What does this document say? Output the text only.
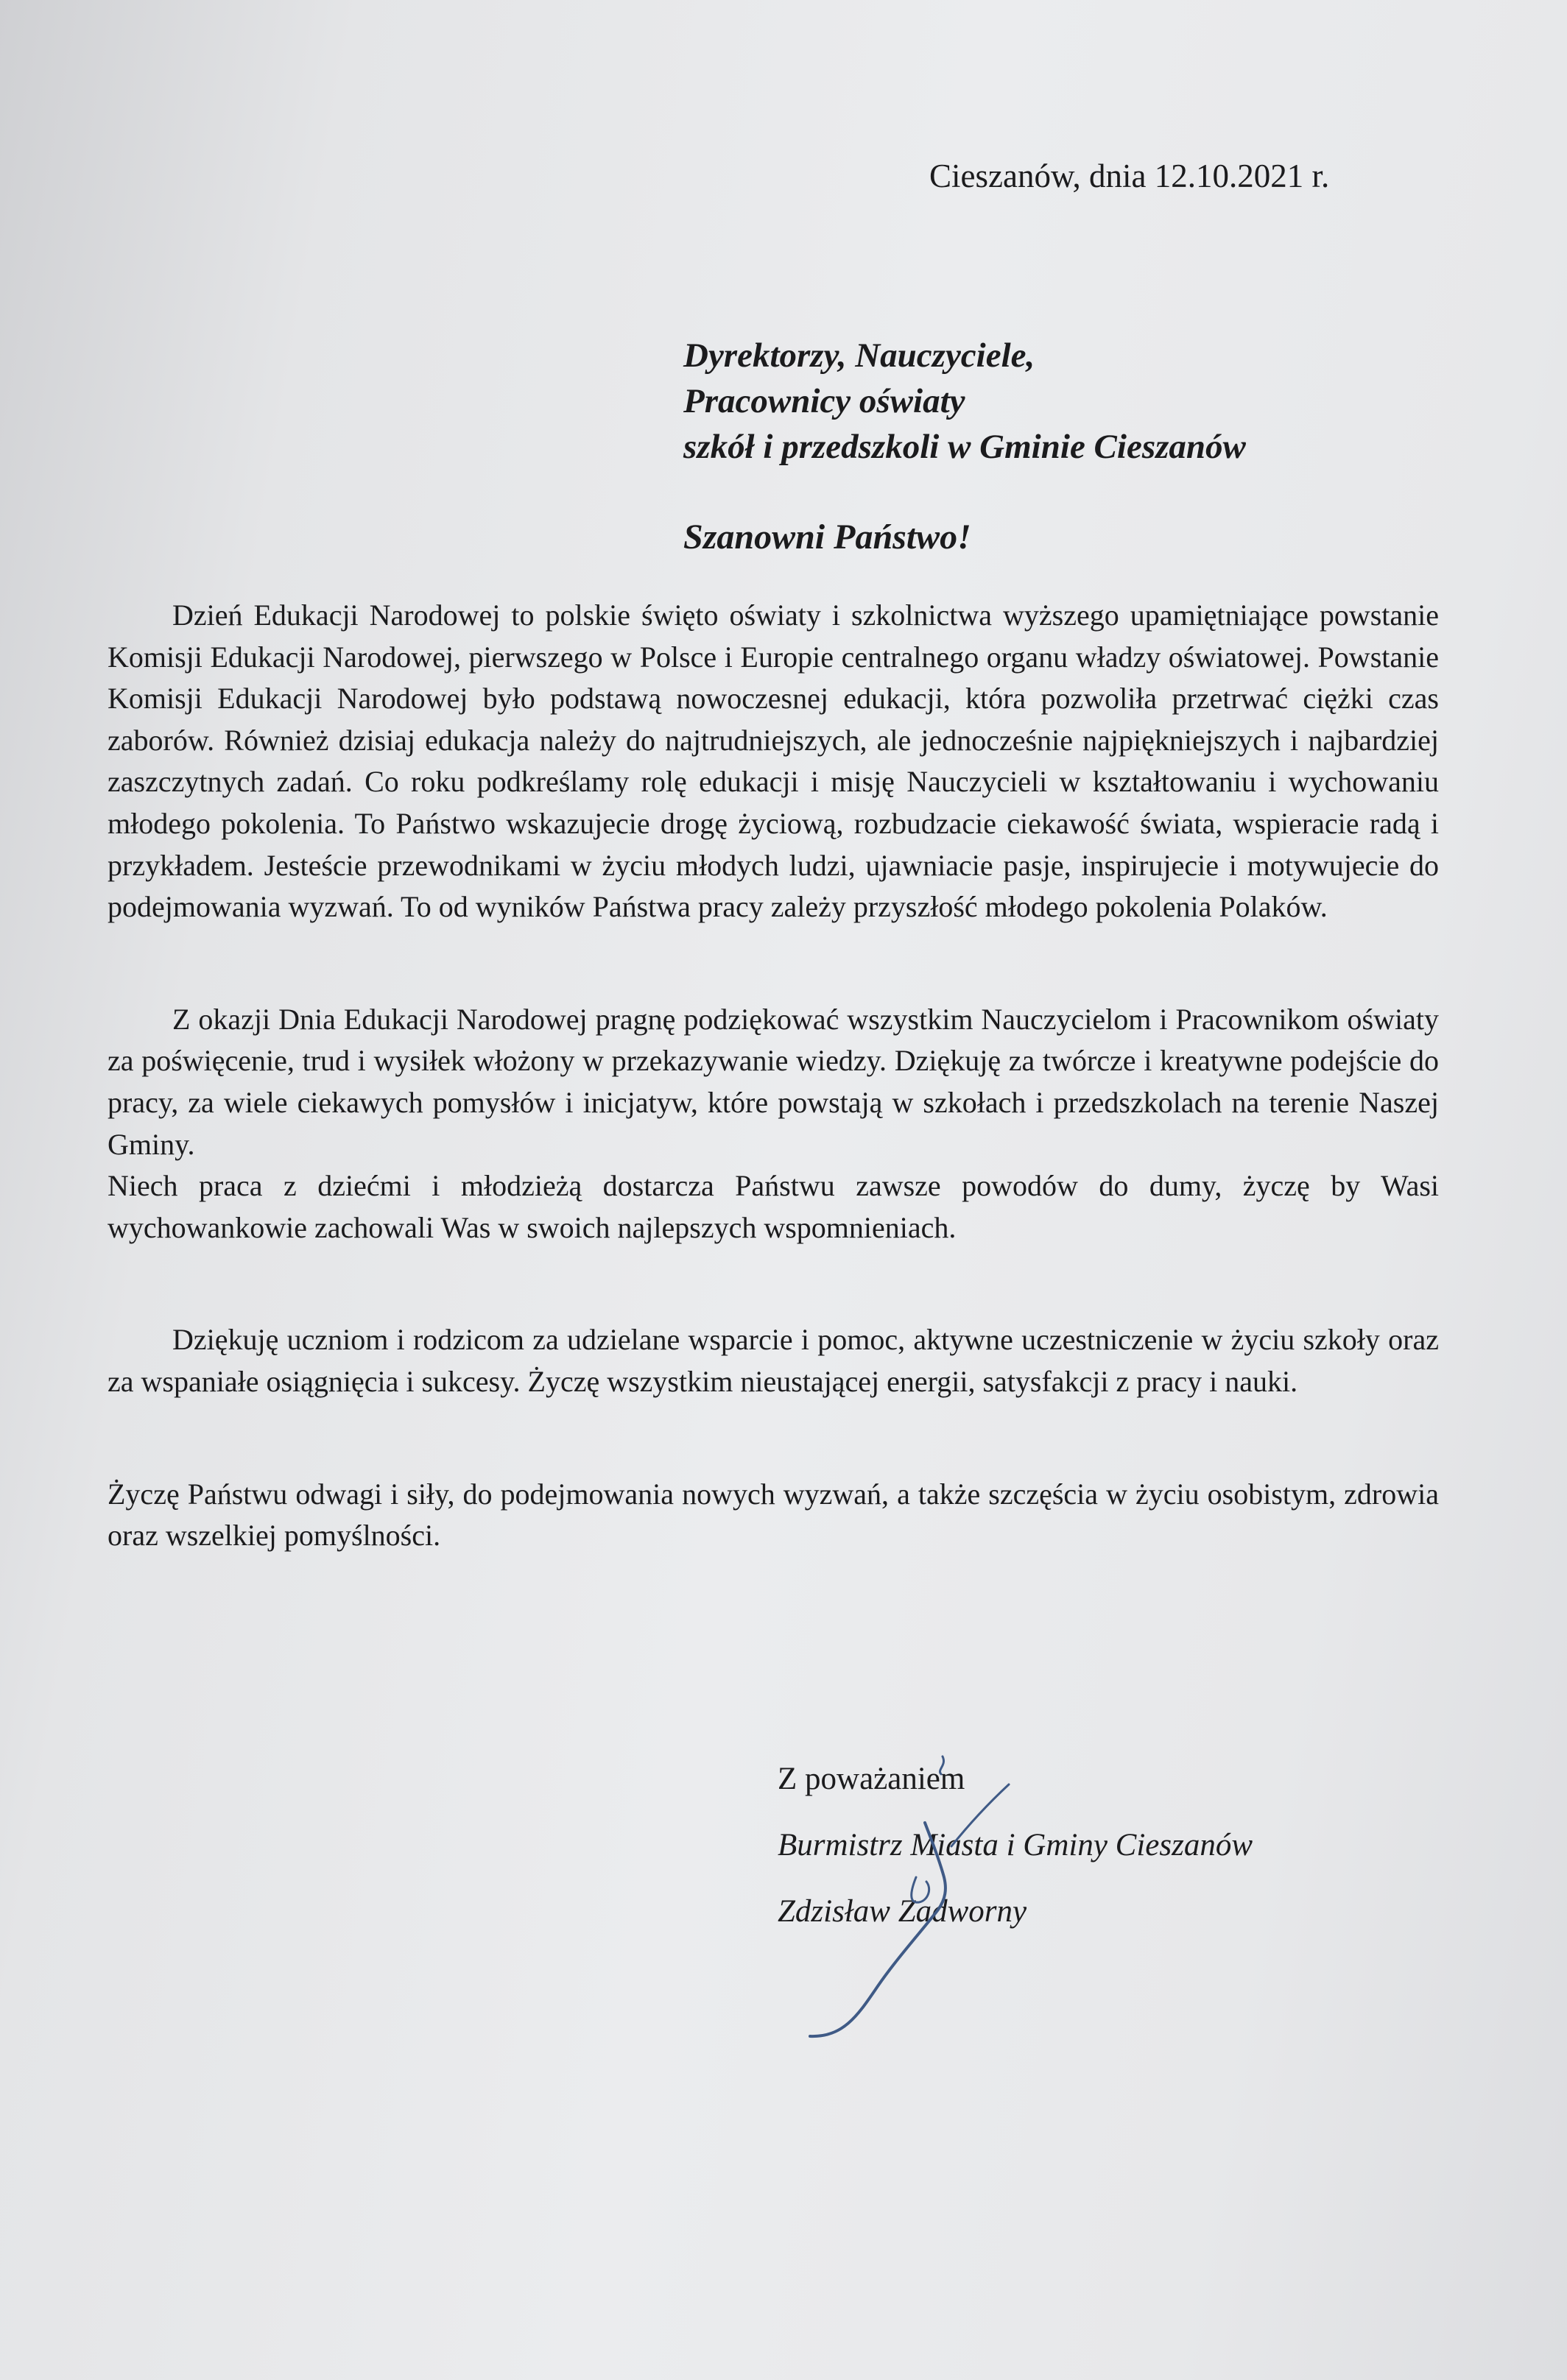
Cieszanów, dnia 12.10.2021 r.
Dyrektorzy, Nauczyciele,
Pracownicy oświaty
szkół i przedszkoli w Gminie Cieszanów
Szanowni Państwo!

Dzień Edukacji Narodowej to polskie święto oświaty i szkolnictwa wyższego upamiętniające powstanie Komisji Edukacji Narodowej, pierwszego w Polsce i Europie centralnego organu władzy oświatowej. Powstanie Komisji Edukacji Narodowej było podstawą nowoczesnej edukacji, która pozwoliła przetrwać ciężki czas zaborów. Również dzisiaj edukacja należy do najtrudniejszych, ale jednocześnie najpiękniejszych i najbardziej zaszczytnych zadań. Co roku podkreślamy rolę edukacji i misję Nauczycieli w kształtowaniu i wychowaniu młodego pokolenia. To Państwo wskazujecie drogę życiową, rozbudzacie ciekawość świata, wspieracie radą i przykładem. Jesteście przewodnikami w życiu młodych ludzi, ujawniacie pasje, inspirujecie i motywujecie do podejmowania wyzwań. To od wyników Państwa pracy zależy przyszłość młodego pokolenia Polaków.

Z okazji Dnia Edukacji Narodowej pragnę podziękować wszystkim Nauczycielom i Pracownikom oświaty za poświęcenie, trud i wysiłek włożony w przekazywanie wiedzy. Dziękuję za twórcze i kreatywne podejście do pracy, za wiele ciekawych pomysłów i inicjatyw, które powstają w szkołach i przedszkolach na terenie Naszej Gminy.

Niech praca z dziećmi i młodzieżą dostarcza Państwu zawsze powodów do dumy, życzę by Wasi wychowankowie zachowali Was w swoich najlepszych wspomnieniach.

Dziękuję uczniom i rodzicom za udzielane wsparcie i pomoc, aktywne uczestniczenie w życiu szkoły oraz za wspaniałe osiągnięcia i sukcesy. Życzę wszystkim nieustającej energii, satysfakcji z pracy i nauki.

Życzę Państwu odwagi i siły, do podejmowania nowych wyzwań, a także szczęścia w życiu osobistym, zdrowia oraz wszelkiej pomyślności.

Z poważaniem
Burmistrz Miasta i Gminy Cieszanów
Zdzisław Zadworny
